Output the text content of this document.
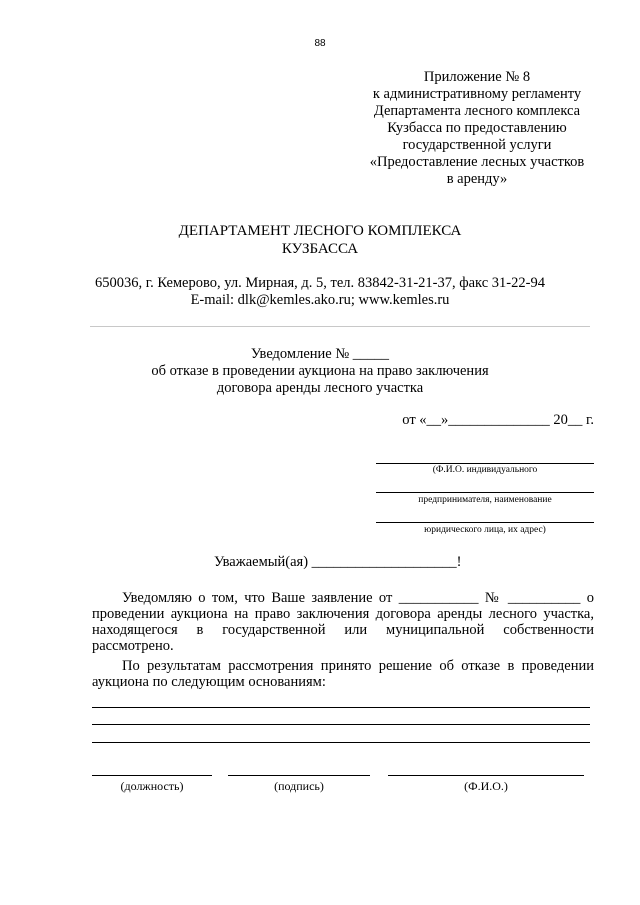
88
Приложение № 8
к административному регламенту
Департамента лесного комплекса
Кузбасса по предоставлению
государственной услуги
«Предоставление лесных участков
в аренду»
ДЕПАРТАМЕНТ ЛЕСНОГО КОМПЛЕКСА
КУЗБАССА
650036, г. Кемерово, ул. Мирная, д. 5, тел. 83842-31-21-37, факс 31-22-94
E-mail: dlk@kemles.ako.ru; www.kemles.ru
Уведомление № _____
об отказе в проведении аукциона на право заключения
договора аренды лесного участка
от «__»______________ 20__ г.
(Ф.И.О. индивидуального
предпринимателя, наименование
юридического лица, их адрес)
Уважаемый(ая) ____________________!
Уведомляю о том, что Ваше заявление от ___________ № __________ о проведении аукциона на право заключения договора аренды лесного участка, находящегося в государственной или муниципальной собственности рассмотрено.
По результатам рассмотрения принято решение об отказе в проведении аукциона по следующим основаниям:
(должность)	(подпись)	(Ф.И.О.)
